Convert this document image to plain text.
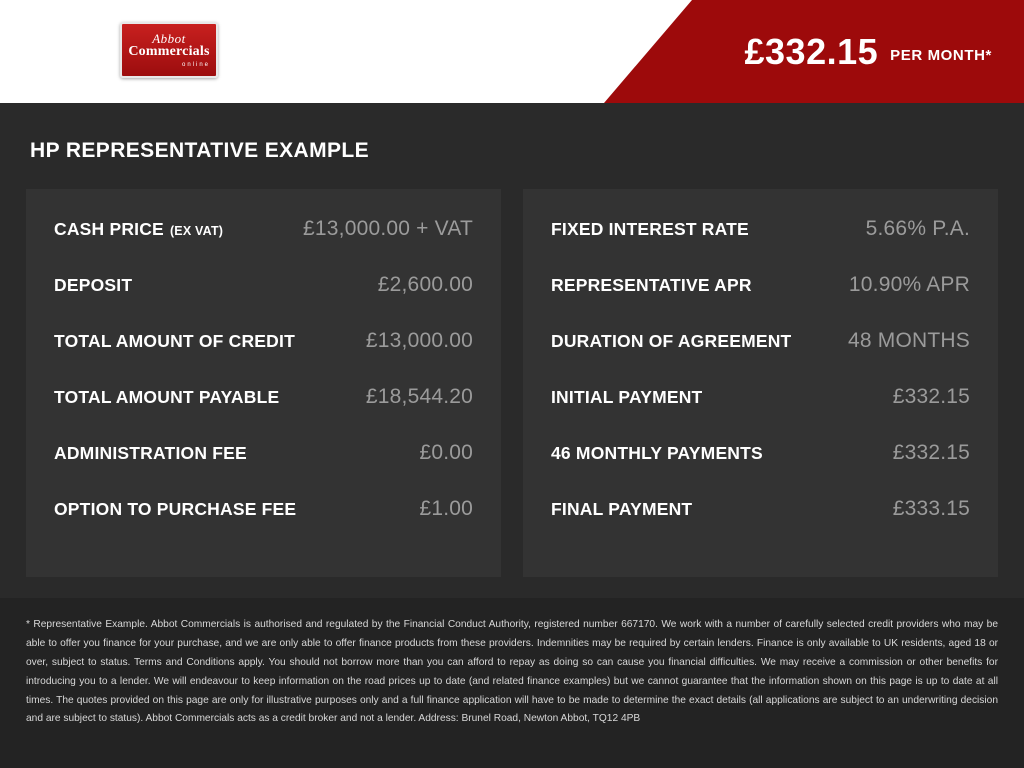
Abbot
Commercials
online	£332.15 PER MONTH*
HP REPRESENTATIVE EXAMPLE
CASH PRICE (EX VAT)	£13,000.00 + VAT
DEPOSIT	£2,600.00
TOTAL AMOUNT OF CREDIT	£13,000.00
TOTAL AMOUNT PAYABLE	£18,544.20
ADMINISTRATION FEE	£0.00
OPTION TO PURCHASE FEE	£1.00
FIXED INTEREST RATE	5.66% P.A.
REPRESENTATIVE APR	10.90% APR
DURATION OF AGREEMENT	48 MONTHS
INITIAL PAYMENT	£332.15
46 MONTHLY PAYMENTS	£332.15
FINAL PAYMENT	£333.15

* Representative Example. Abbot Commercials is authorised and regulated by the Financial Conduct Authority, registered number 667170. We work with a number of carefully selected credit providers who may be able to offer you finance for your purchase, and we are only able to offer finance products from these providers. Indemnities may be required by certain lenders. Finance is only available to UK residents, aged 18 or over, subject to status. Terms and Conditions apply. You should not borrow more than you can afford to repay as doing so can cause you financial difficulties. We may receive a commission or other benefits for introducing you to a lender. We will endeavour to keep information on the road prices up to date (and related finance examples) but we cannot guarantee that the information shown on this page is up to date at all times. The quotes provided on this page are only for illustrative purposes only and a full finance application will have to be made to determine the exact details (all applications are subject to an underwriting decision and are subject to status). Abbot Commercials acts as a credit broker and not a lender. Address: Brunel Road, Newton Abbot, TQ12 4PB
